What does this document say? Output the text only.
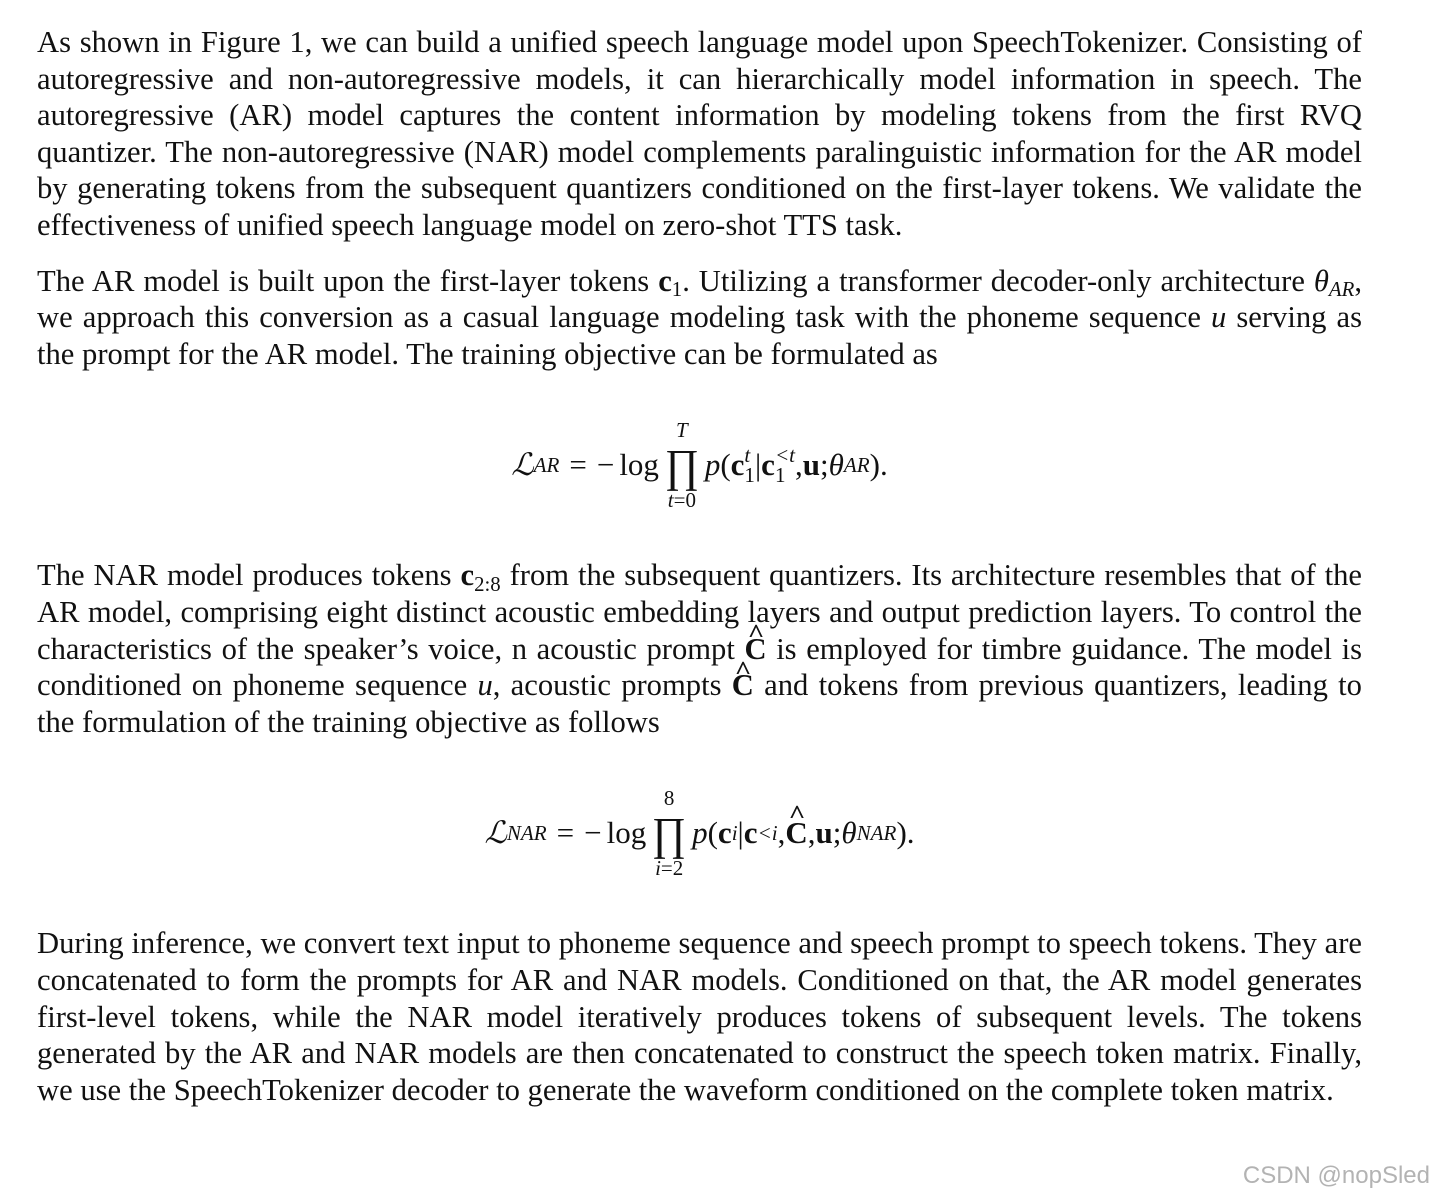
As shown in Figure 1, we can build a unified speech language model upon SpeechTokenizer. Consisting of autoregressive and non-autoregressive models, it can hierarchically model information in speech. The autoregressive (AR) model captures the content information by modeling tokens from the first RVQ quantizer. The non-autoregressive (NAR) model complements paralinguistic information for the AR model by generating tokens from the subsequent quantizers conditioned on the first-layer tokens. We validate the effectiveness of unified speech language model on zero-shot TTS task.

The AR model is built upon the first-layer tokens $c_1$. Utilizing a transformer decoder-only architecture $\theta_{AR}$, we approach this conversion as a casual language modeling task with the phoneme sequence u serving as the prompt for the AR model. The training objective can be formulated as

ℒ AR = − log
T
∏
t=0
p ( c t
1 | c <t
1 , u ; θ AR ).

The NAR model produces tokens $c_{2:8}$ from the subsequent quantizers. Its architecture resembles that of the AR model, comprising eight distinct acoustic embedding layers and output prediction layers. To control the characteristics of the speaker’s voice, n acoustic prompt ^ C is employed for timbre guidance. The model is conditioned on phoneme sequence u, acoustic prompts ^ C and tokens from previous quantizers, leading to the formulation of the training objective as follows

ℒ NAR = − log
8
∏
i=2
p ( c i | c <i ,
^ C , u ; θ NAR ).

During inference, we convert text input to phoneme sequence and speech prompt to speech tokens. They are concatenated to form the prompts for AR and NAR models. Conditioned on that, the AR model generates first-level tokens, while the NAR model iteratively produces tokens of subsequent levels. The tokens generated by the AR and NAR models are then concatenated to construct the speech token matrix. Finally, we use the SpeechTokenizer decoder to generate the waveform conditioned on the complete token matrix.

CSDN @nopSled
